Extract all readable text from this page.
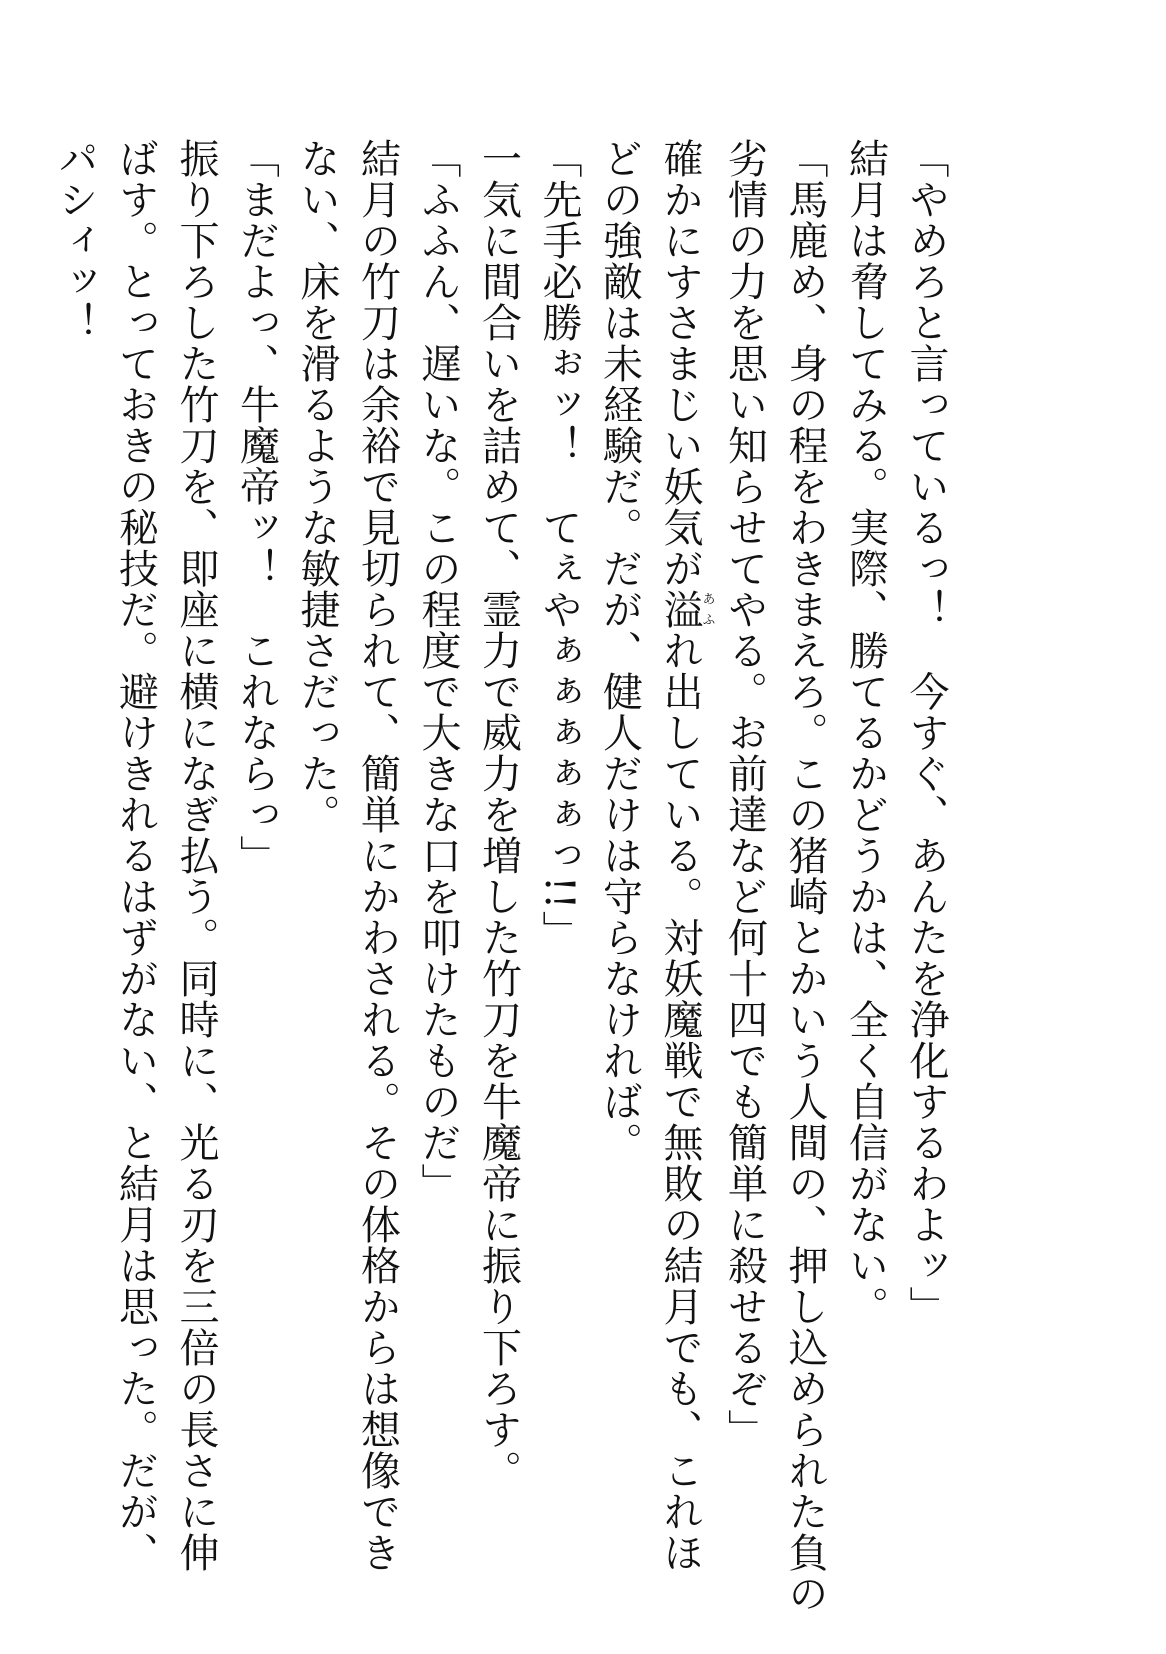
「やめろと言っているっ！　今すぐ、あんたを浄化するわよッ」
結月は脅してみる。実際、勝てるかどうかは、全く自信がない。
「馬鹿め、身の程をわきまえろ。この猪崎とかいう人間の、押し込められた負の
劣情の力を思い知らせてやる。お前達など何十四でも簡単に殺せるぞ」
確かにすさまじい妖気が溢あふれ出している。対妖魔戦で無敗の結月でも、これほ
どの強敵は未経験だ。だが、健人だけは守らなければ。
「先手必勝ぉッ！　てぇやぁぁぁぁぁっ!!」
一気に間合いを詰めて、霊力で威力を増した竹刀を牛魔帝に振り下ろす。
「ふふん、遅いな。この程度で大きな口を叩けたものだ」
結月の竹刀は余裕で見切られて、簡単にかわされる。その体格からは想像でき
ない、床を滑るような敏捷さだった。
「まだよっ、牛魔帝ッ！　これならっ」
振り下ろした竹刀を、即座に横になぎ払う。同時に、光る刃を三倍の長さに伸
ばす。とっておきの秘技だ。避けきれるはずがない、と結月は思った。だが、
パシィッ！
